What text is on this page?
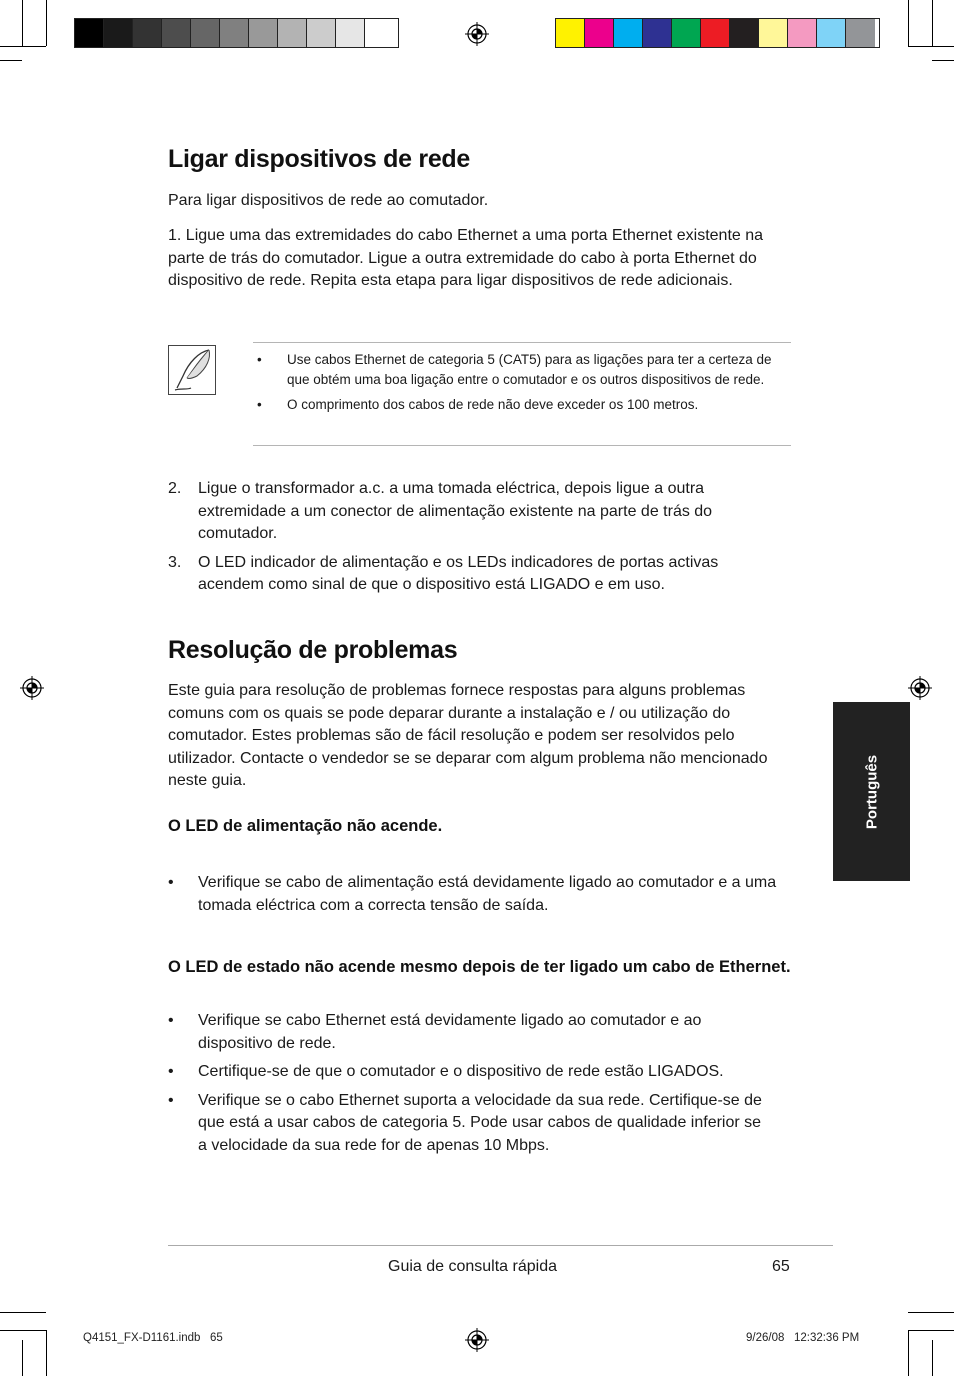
Ligar dispositivos de rede

Para ligar dispositivos de rede ao comutador.

1. Ligue uma das extremidades do cabo Ethernet a uma porta Ethernet existente na parte de trás do comutador. Ligue a outra extremidade do cabo à porta Ethernet do dispositivo de rede. Repita esta etapa para ligar dispositivos de rede adicionais.

• Use cabos Ethernet de categoria 5 (CAT5) para as ligações para ter a certeza de que obtém uma boa ligação entre o comutador e os outros dispositivos de rede.
• O comprimento dos cabos de rede não deve exceder os 100 metros.
2. Ligue o transformador a.c. a uma tomada eléctrica, depois ligue a outra extremidade a um conector de alimentação existente na parte de trás do comutador.
3. O LED indicador de alimentação e os LEDs indicadores de portas activas acendem como sinal de que o dispositivo está LIGADO e em uso.
Resolução de problemas

Este guia para resolução de problemas fornece respostas para alguns problemas comuns com os quais se pode deparar durante a instalação e / ou utilização do comutador. Estes problemas são de fácil resolução e podem ser resolvidos pelo utilizador. Contacte o vendedor se se deparar com algum problema não mencionado neste guia.

O LED de alimentação não acende.
• Verifique se cabo de alimentação está devidamente ligado ao comutador e a uma tomada eléctrica com a correcta tensão de saída.
O LED de estado não acende mesmo depois de ter ligado um cabo de Ethernet.
• Verifique se cabo Ethernet está devidamente ligado ao comutador e ao dispositivo de rede.
• Certifique-se de que o comutador e o dispositivo de rede estão LIGADOS.
• Verifique se o cabo Ethernet suporta a velocidade da sua rede. Certifique-se de que está a usar cabos de categoria 5. Pode usar cabos de qualidade inferior se a velocidade da sua rede for de apenas 10 Mbps.
Português
Guia de consulta rápida	65
Q4151_FX-D1161.indb   65	9/26/08   12:32:36 PM
